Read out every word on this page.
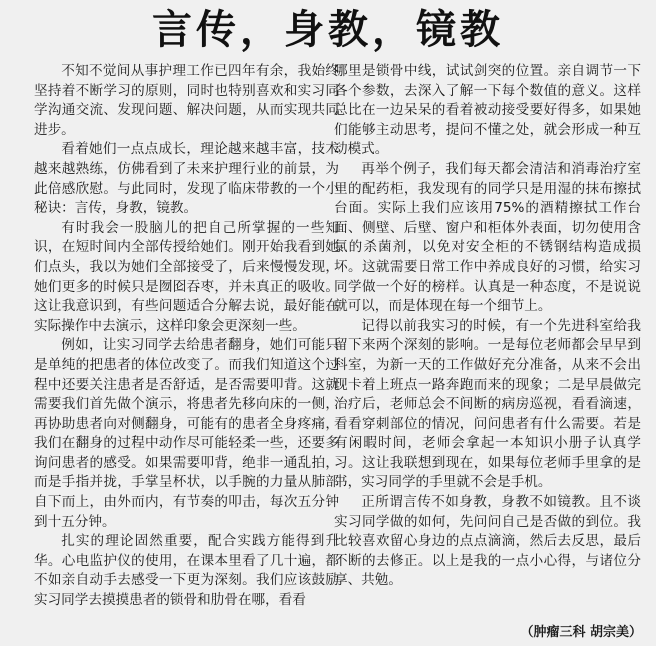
言传，身教，镜教

不知不觉间从事护理工作已四年有余，我始终坚持着不断学习的原则，同时也特别喜欢和实习同学沟通交流、发现问题、解决问题，从而实现共同进步。

看着她们一点点成长，理论越来越丰富，技术越来越熟练，仿佛看到了未来护理行业的前景，为此倍感欣慰。与此同时，发现了临床带教的一个小秘诀：言传，身教，镜教。

有时我会一股脑儿的把自己所掌握的一些知识，在短时间内全部传授给她们。刚开始我看到她们点头，我以为她们全部接受了，后来慢慢发现，她们更多的时候只是囫囵吞枣，并未真正的吸收。这让我意识到，有些问题适合分解去说，最好能在实际操作中去演示，这样印象会更深刻一些。

例如，让实习同学去给患者翻身，她们可能只是单纯的把患者的体位改变了。而我们知道这个过程中还要关注患者是否舒适，是否需要叩背。这就需要我们首先做个演示，将患者先移向床的一侧，再协助患者向对侧翻身，可能有的患者全身疼痛，我们在翻身的过程中动作尽可能轻柔一些，还要多询问患者的感受。如果需要叩背，绝非一通乱拍，而是手指并拢，手掌呈杯状，以手腕的力量从肺部自下而上，由外而内，有节奏的叩击，每次五分钟到十五分钟。

扎实的理论固然重要，配合实践方能得到升华。心电监护仪的使用，在课本里看了几十遍，都不如亲自动手去感受一下更为深刻。我们应该鼓励实习同学去摸摸患者的锁骨和肋骨在哪，看看

哪里是锁骨中线，试试剑突的位置。亲自调节一下各个参数，去深入了解一下每个数值的意义。这样总比在一边呆呆的看着被动接受要好得多，如果她们能够主动思考，提问不懂之处，就会形成一种互动模式。

再举个例子，我们每天都会清洁和消毒治疗室里的配药柜，我发现有的同学只是用湿的抹布擦拭台面。实际上我们应该用75%的酒精擦拭工作台面、侧壁、后壁、窗户和柜体外表面，切勿使用含氯的杀菌剂，以免对安全柜的不锈钢结构造成损坏。这就需要日常工作中养成良好的习惯，给实习同学做一个好的榜样。认真是一种态度，不是说说就可以，而是体现在每一个细节上。

记得以前我实习的时候，有一个先进科室给我留下来两个深刻的影响。一是每位老师都会早早到科室，为新一天的工作做好充分准备，从来不会出现卡着上班点一路奔跑而来的现象；二是早晨做完治疗后，老师总会不间断的病房巡视，看看滴速，看看穿刺部位的情况，问问患者有什么需要。若是有闲暇时间，老师会拿起一本知识小册子认真学习。这让我联想到现在，如果每位老师手里拿的是书，实习同学的手里就不会是手机。

正所谓言传不如身教，身教不如镜教。且不谈实习同学做的如何，先问问自己是否做的到位。我比较喜欢留心身边的点点滴滴，然后去反思，最后不断的去修正。以上是我的一点小心得，与诸位分享、共勉。

（肿瘤三科 胡宗美）
